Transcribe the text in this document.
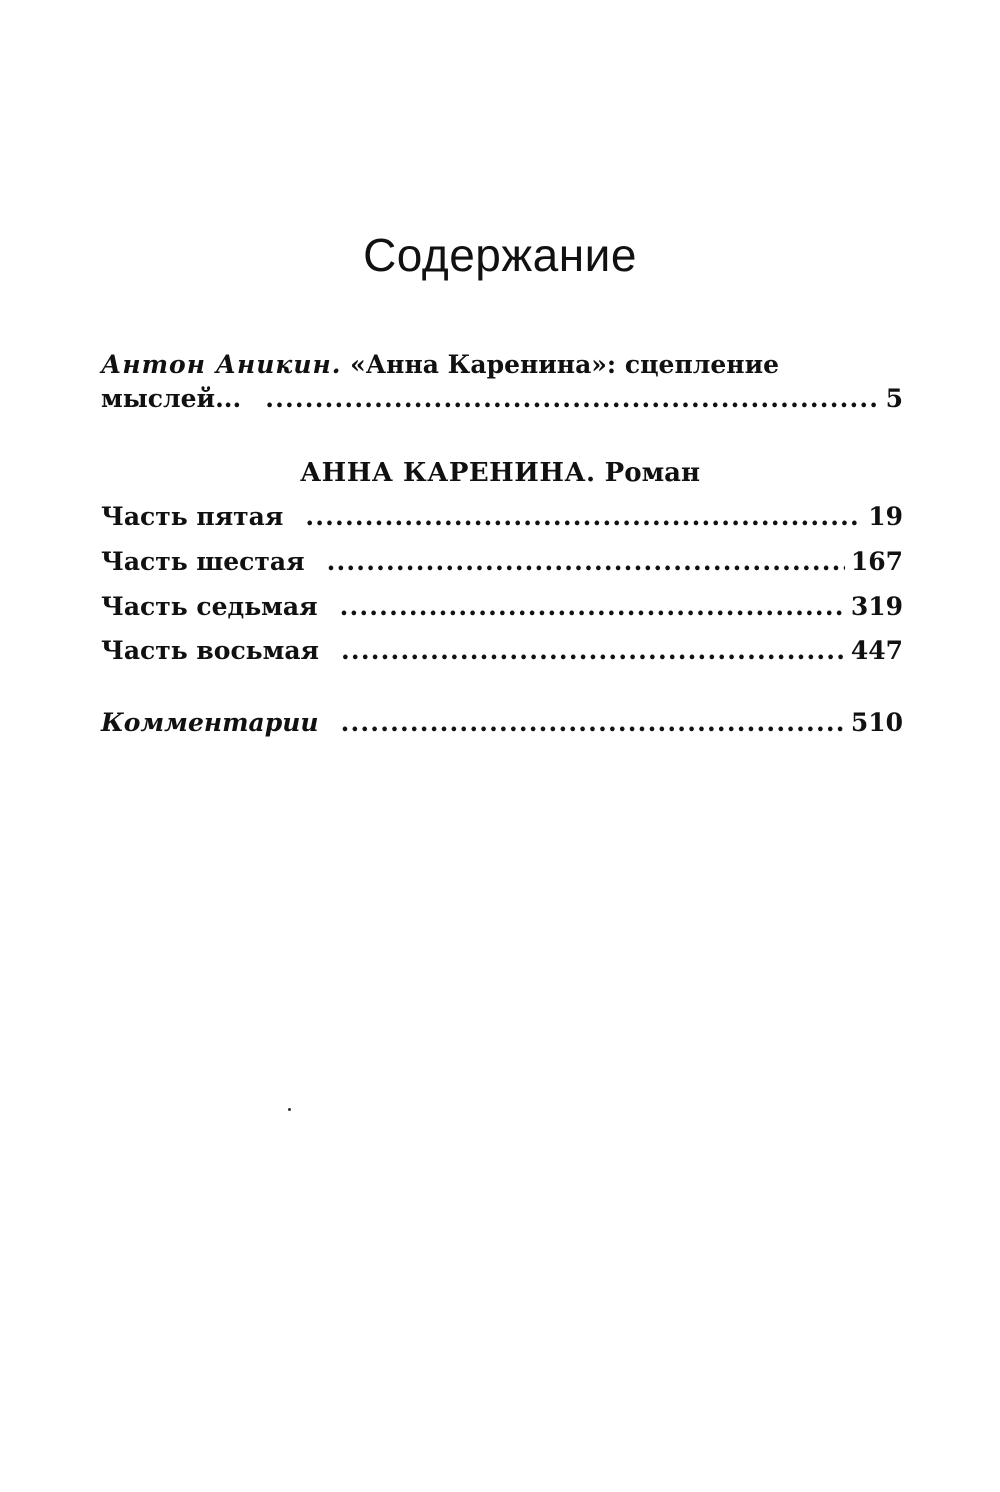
Содержание
Антон Аникин. «Анна Каренина»: сцепление
мыслей... .....	5
АННА КАРЕНИНА. Роман
Часть пятая .....	19
Часть шестая .....	167
Часть седьмая .....	319
Часть восьмая .....	447
Комментарии .....	510
